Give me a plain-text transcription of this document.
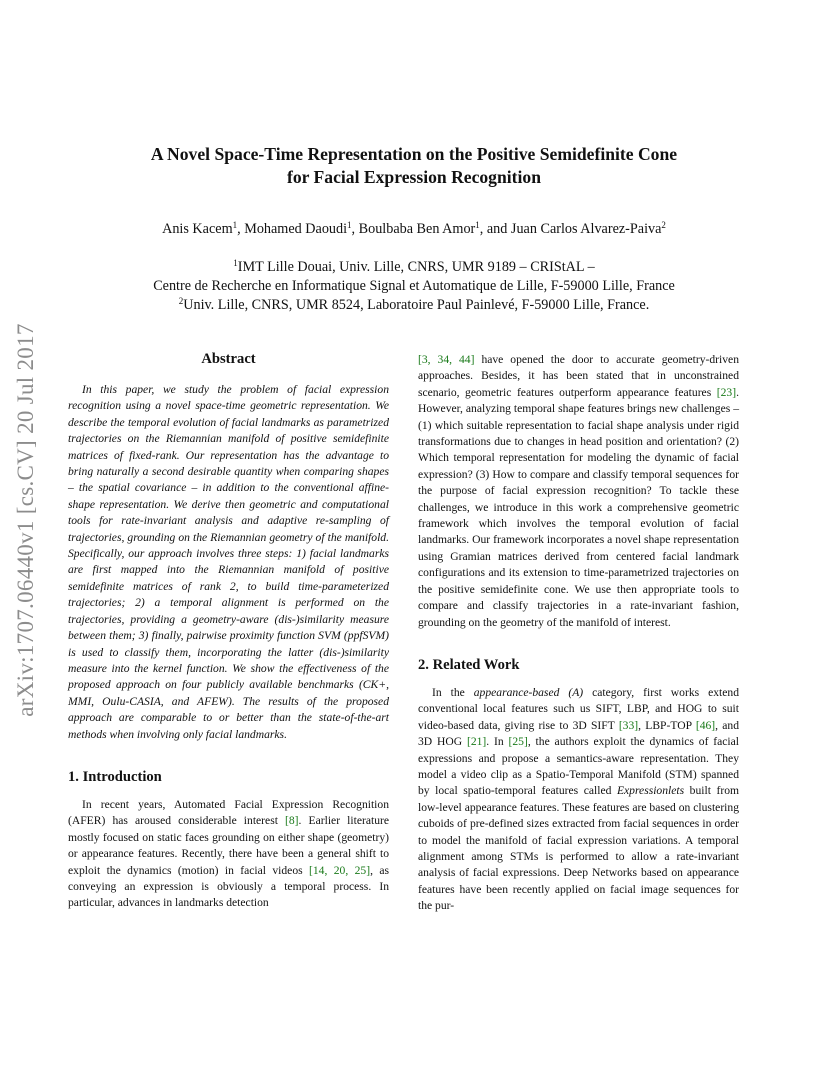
arXiv:1707.06440v1 [cs.CV] 20 Jul 2017
A Novel Space-Time Representation on the Positive Semidefinite Cone
for Facial Expression Recognition
Anis Kacem$^1$, Mohamed Daoudi$^1$, Boulbaba Ben Amor$^1$, and Juan Carlos Alvarez-Paiva$^2$
$^1$IMT Lille Douai, Univ. Lille, CNRS, UMR 9189 – CRIStAL –
Centre de Recherche en Informatique Signal et Automatique de Lille, F-59000 Lille, France
$^2$Univ. Lille, CNRS, UMR 8524, Laboratoire Paul Painlevé, F-59000 Lille, France.
Abstract

In this paper, we study the problem of facial expression recognition using a novel space-time geometric representation. We describe the temporal evolution of facial landmarks as parametrized trajectories on the Riemannian manifold of positive semidefinite matrices of fixed-rank. Our representation has the advantage to bring naturally a second desirable quantity when comparing shapes – the spatial covariance – in addition to the conventional affine-shape representation. We derive then geometric and computational tools for rate-invariant analysis and adaptive re-sampling of trajectories, grounding on the Riemannian geometry of the manifold. Specifically, our approach involves three steps: 1) facial landmarks are first mapped into the Riemannian manifold of positive semidefinite matrices of rank 2, to build time-parameterized trajectories; 2) a temporal alignment is performed on the trajectories, providing a geometry-aware (dis-)similarity measure between them; 3) finally, pairwise proximity function SVM (ppfSVM) is used to classify them, incorporating the latter (dis-)similarity measure into the kernel function. We show the effectiveness of the proposed approach on four publicly available benchmarks (CK+, MMI, Oulu-CASIA, and AFEW). The results of the proposed approach are comparable to or better than the state-of-the-art methods when involving only facial landmarks.

1. Introduction

In recent years, Automated Facial Expression Recognition (AFER) has aroused considerable interest [8]. Earlier literature mostly focused on static faces grounding on either shape (geometry) or appearance features. Recently, there have been a general shift to exploit the dynamics (motion) in facial videos [14, 20, 25], as conveying an expression is obviously a temporal process. In particular, advances in landmarks detection

[3, 34, 44] have opened the door to accurate geometry-driven approaches. Besides, it has been stated that in unconstrained scenario, geometric features outperform appearance features [23]. However, analyzing temporal shape features brings new challenges – (1) which suitable representation to facial shape analysis under rigid transformations due to changes in head position and orientation? (2) Which temporal representation for modeling the dynamic of facial expression? (3) How to compare and classify temporal sequences for the purpose of facial expression recognition? To tackle these challenges, we introduce in this work a comprehensive geometric framework which involves the temporal evolution of facial landmarks. Our framework incorporates a novel shape representation using Gramian matrices derived from centered facial landmark configurations and its extension to time-parametrized trajectories on the positive semidefinite cone. We use then appropriate tools to compare and classify trajectories in a rate-invariant fashion, grounding on the geometry of the manifold of interest.

2. Related Work

In the appearance-based (A) category, first works extend conventional local features such us SIFT, LBP, and HOG to suit video-based data, giving rise to 3D SIFT [33], LBP-TOP [46], and 3D HOG [21]. In [25], the authors exploit the dynamics of facial expressions and propose a semantics-aware representation. They model a video clip as a Spatio-Temporal Manifold (STM) spanned by local spatio-temporal features called Expressionlets built from low-level appearance features. These features are based on clustering cuboids of pre-defined sizes extracted from facial sequences in order to model the manifold of facial expression variations. A temporal alignment among STMs is performed to allow a rate-invariant analysis of facial expressions. Deep Networks based on appearance features have been recently applied on facial image sequences for the pur-
